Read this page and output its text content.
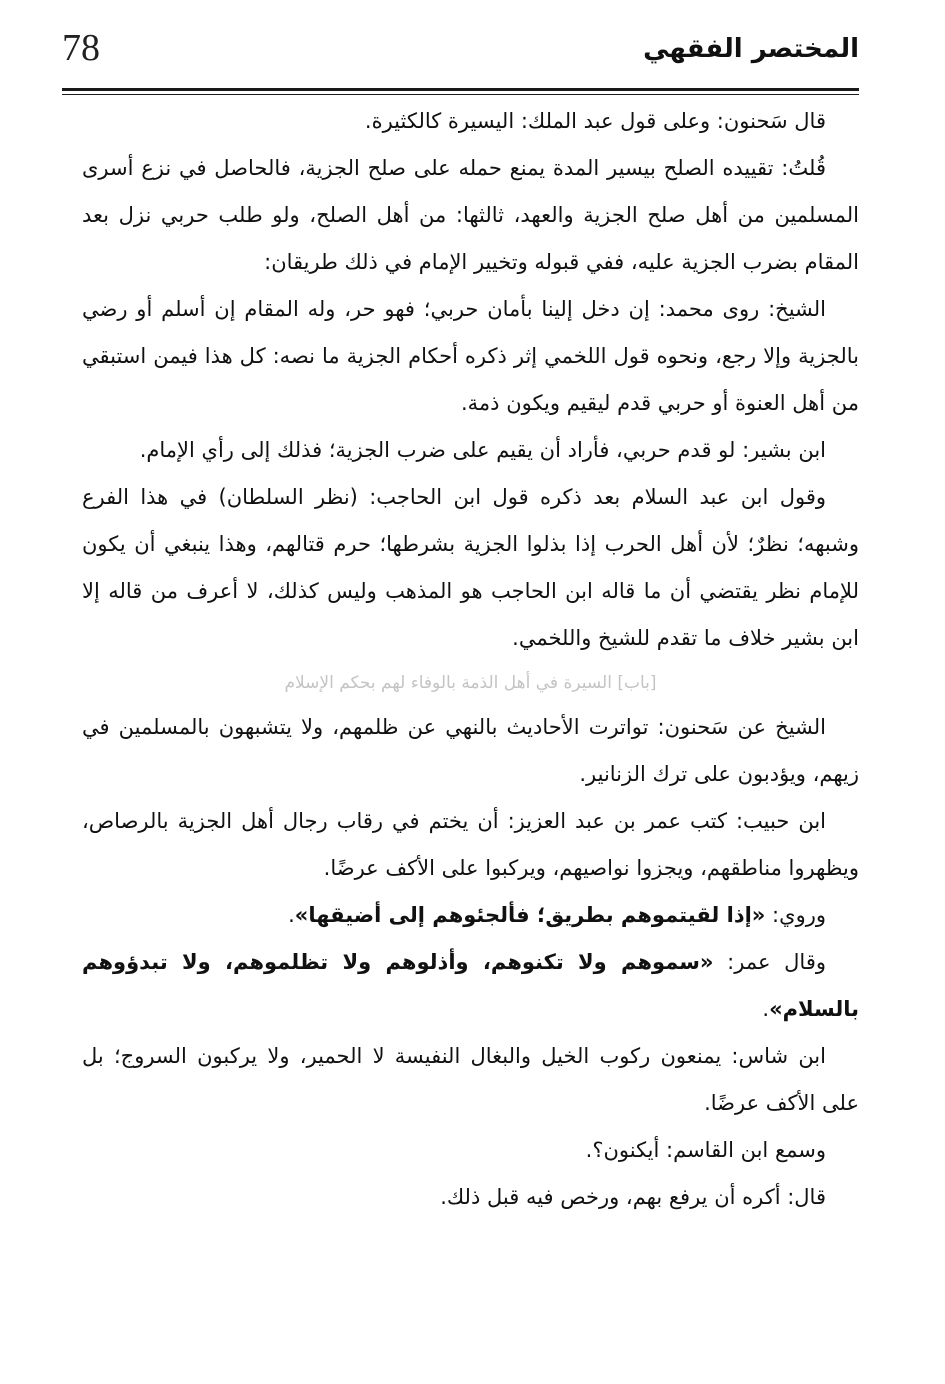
78	المختصر الفقهي

قال سَحنون: وعلى قول عبد الملك: اليسيرة كالكثيرة.

قُلتُ: تقييده الصلح بيسير المدة يمنع حمله على صلح الجزية، فالحاصل في نزع أسرى المسلمين من أهل صلح الجزية والعهد، ثالثها: من أهل الصلح، ولو طلب حربي نزل بعد المقام بضرب الجزية عليه، ففي قبوله وتخيير الإمام في ذلك طريقان:

الشيخ: روى محمد: إن دخل إلينا بأمان حربي؛ فهو حر، وله المقام إن أسلم أو رضي بالجزية وإلا رجع، ونحوه قول اللخمي إثر ذكره أحكام الجزية ما نصه: كل هذا فيمن استبقي من أهل العنوة أو حربي قدم ليقيم ويكون ذمة.

ابن بشير: لو قدم حربي، فأراد أن يقيم على ضرب الجزية؛ فذلك إلى رأي الإمام.

وقول ابن عبد السلام بعد ذكره قول ابن الحاجب: (نظر السلطان) في هذا الفرع وشبهه؛ نظرٌ؛ لأن أهل الحرب إذا بذلوا الجزية بشرطها؛ حرم قتالهم، وهذا ينبغي أن يكون للإمام نظر يقتضي أن ما قاله ابن الحاجب هو المذهب وليس كذلك، لا أعرف من قاله إلا ابن بشير خلاف ما تقدم للشيخ واللخمي.

[باب] السيرة في أهل الذمة بالوفاء لهم بحكم الإسلام

الشيخ عن سَحنون: تواترت الأحاديث بالنهي عن ظلمهم، ولا يتشبهون بالمسلمين في زيهم، ويؤدبون على ترك الزنانير.

ابن حبيب: كتب عمر بن عبد العزيز: أن يختم في رقاب رجال أهل الجزية بالرصاص، ويظهروا مناطقهم، ويجزوا نواصيهم، ويركبوا على الأكف عرضًا.

وروي: «إذا لقيتموهم بطريق؛ فألجئوهم إلى أضيقها».

وقال عمر: «سموهم ولا تكنوهم، وأذلوهم ولا تظلموهم، ولا تبدؤوهم بالسلام».

ابن شاس: يمنعون ركوب الخيل والبغال النفيسة لا الحمير، ولا يركبون السروج؛ بل على الأكف عرضًا.

وسمع ابن القاسم: أيكنون؟.

قال: أكره أن يرفع بهم، ورخص فيه قبل ذلك.
